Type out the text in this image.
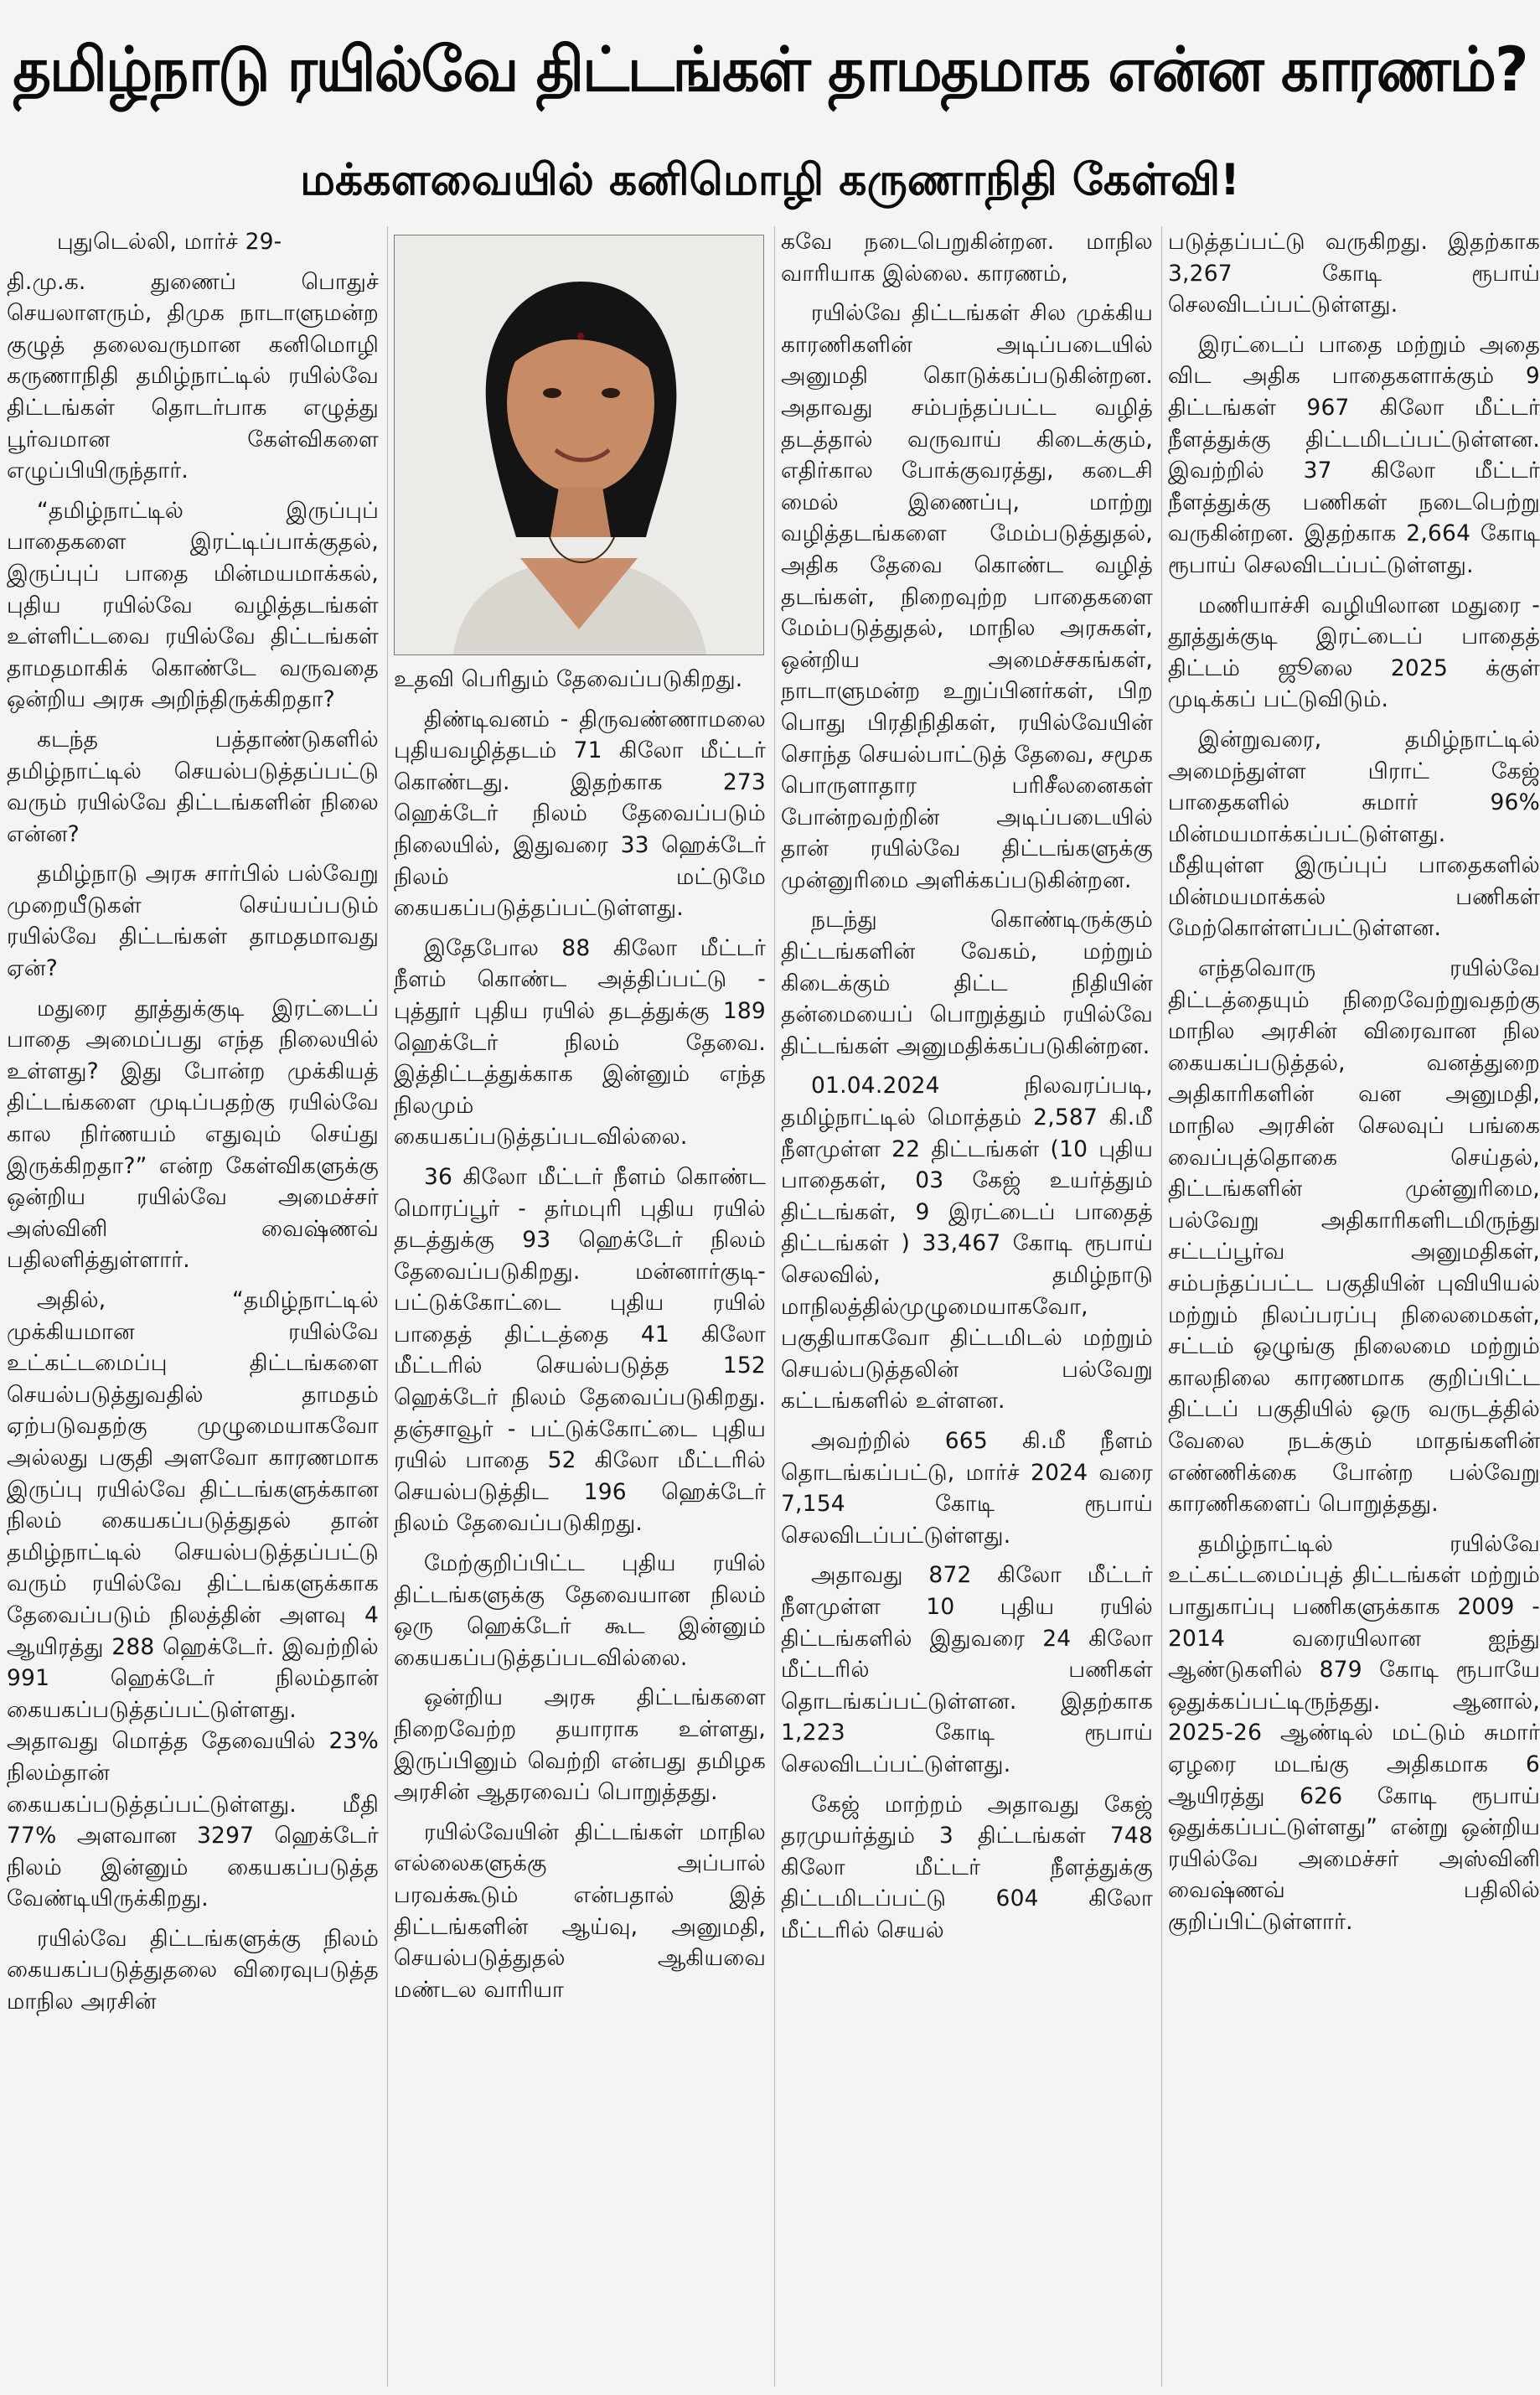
தமிழ்நாடு ரயில்வே திட்டங்கள் தாமதமாக என்ன காரணம்?
மக்களவையில் கனிமொழி கருணாநிதி கேள்வி!

புதுடெல்லி, மார்ச் 29-

தி.மு.க. துணைப் பொதுச் செயலாளரும், திமுக நாடாளுமன்ற குழுத் தலைவருமான கனிமொழி கருணாநிதி தமிழ்நாட்டில் ரயில்வே திட்டங்கள் தொடர்பாக எழுத்து பூர்வமான கேள்விகளை எழுப்பியிருந்தார்.

“தமிழ்நாட்டில் இருப்புப் பாதைகளை இரட்டிப்பாக்குதல், இருப்புப் பாதை மின்மயமாக்கல், புதிய ரயில்வே வழித்தடங்கள் உள்ளிட்டவை ரயில்வே திட்டங்கள் தாமதமாகிக் கொண்டே வருவதை ஒன்றிய அரசு அறிந்திருக்கிறதா?

கடந்த பத்தாண்டுகளில் தமிழ்நாட்டில் செயல்படுத்தப்பட்டு வரும் ரயில்வே திட்டங்களின் நிலை என்ன?

தமிழ்நாடு அரசு சார்பில் பல்வேறு முறையீடுகள் செய்யப்படும் ரயில்வே திட்டங்கள் தாமதமாவது ஏன்?

மதுரை தூத்துக்குடி இரட்டைப் பாதை அமைப்பது எந்த நிலையில் உள்ளது? இது போன்ற முக்கியத் திட்டங்களை முடிப்பதற்கு ரயில்வே கால நிர்ணயம் எதுவும் செய்து இருக்கிறதா?” என்ற கேள்விகளுக்கு ஒன்றிய ரயில்வே அமைச்சர் அஸ்வினி வைஷ்ணவ் பதிலளித்துள்ளார்.

அதில், “தமிழ்நாட்டில் முக்கியமான ரயில்வே உட்கட்டமைப்பு திட்டங்களை செயல்படுத்துவதில் தாமதம் ஏற்படுவதற்கு முழுமையாகவோ அல்லது பகுதி அளவோ காரணமாக இருப்பு ரயில்வே திட்டங்களுக்கான நிலம் கையகப்படுத்துதல் தான் தமிழ்நாட்டில் செயல்படுத்தப்பட்டு வரும் ரயில்வே திட்டங்களுக்காக தேவைப்படும் நிலத்தின் அளவு 4 ஆயிரத்து 288 ஹெக்டேர். இவற்றில் 991 ஹெக்டேர் நிலம்தான் கையகப்படுத்தப்பட்டுள்ளது. அதாவது மொத்த தேவையில் 23% நிலம்தான் கையகப்படுத்தப்பட்டுள்ளது. மீதி 77% அளவான 3297 ஹெக்டேர் நிலம் இன்னும் கையகப்படுத்த வேண்டியிருக்கிறது.

ரயில்வே திட்டங்களுக்கு நிலம் கையகப்படுத்துதலை விரைவுபடுத்த மாநில அரசின்

உதவி பெரிதும் தேவைப்படுகிறது.

திண்டிவனம் - திருவண்ணாமலை புதியவழித்தடம் 71 கிலோ மீட்டர் கொண்டது. இதற்காக 273 ஹெக்டேர் நிலம் தேவைப்படும் நிலையில், இதுவரை 33 ஹெக்டேர் நிலம் மட்டுமே கையகப்படுத்தப்பட்டுள்ளது.

இதேபோல 88 கிலோ மீட்டர் நீளம் கொண்ட அத்திப்பட்டு - புத்தூர் புதிய ரயில் தடத்துக்கு 189 ஹெக்டேர் நிலம் தேவை. இத்திட்டத்துக்காக இன்னும் எந்த நிலமும் கையகப்படுத்தப்படவில்லை.

36 கிலோ மீட்டர் நீளம் கொண்ட மொரப்பூர் - தர்மபுரி புதிய ரயில் தடத்துக்கு 93 ஹெக்டேர் நிலம் தேவைப்படுகிறது. மன்னார்குடி-பட்டுக்கோட்டை புதிய ரயில் பாதைத் திட்டத்தை 41 கிலோ மீட்டரில் செயல்படுத்த 152 ஹெக்டேர் நிலம் தேவைப்படுகிறது. தஞ்சாவூர் - பட்டுக்கோட்டை புதிய ரயில் பாதை 52 கிலோ மீட்டரில் செயல்படுத்திட 196 ஹெக்டேர் நிலம் தேவைப்படுகிறது.

மேற்குறிப்பிட்ட புதிய ரயில் திட்டங்களுக்கு தேவையான நிலம் ஒரு ஹெக்டேர் கூட இன்னும் கையகப்படுத்தப்படவில்லை.

ஒன்றிய அரசு திட்டங்களை நிறைவேற்ற தயாராக உள்ளது, இருப்பினும் வெற்றி என்பது தமிழக அரசின் ஆதரவைப் பொறுத்தது.

ரயில்வேயின் திட்டங்கள் மாநில எல்லைகளுக்கு அப்பால் பரவக்கூடும் என்பதால் இத் திட்டங்களின் ஆய்வு, அனுமதி, செயல்படுத்துதல் ஆகியவை மண்டல வாரியா

கவே நடைபெறுகின்றன. மாநில வாரியாக இல்லை. காரணம்,

ரயில்வே திட்டங்கள் சில முக்கிய காரணிகளின் அடிப்படையில் அனுமதி கொடுக்கப்படுகின்றன. அதாவது சம்பந்தப்பட்ட வழித் தடத்தால் வருவாய் கிடைக்கும், எதிர்கால போக்குவரத்து, கடைசி மைல் இணைப்பு, மாற்று வழித்தடங்களை மேம்படுத்துதல், அதிக தேவை கொண்ட வழித் தடங்கள், நிறைவுற்ற பாதைகளை மேம்படுத்துதல், மாநில அரசுகள், ஒன்றிய அமைச்சகங்கள், நாடாளுமன்ற உறுப்பினர்கள், பிற பொது பிரதிநிதிகள், ரயில்வேயின் சொந்த செயல்பாட்டுத் தேவை, சமூக பொருளாதார பரிசீலனைகள் போன்றவற்றின் அடிப்படையில் தான் ரயில்வே திட்டங்களுக்கு முன்னுரிமை அளிக்கப்படுகின்றன.

நடந்து கொண்டிருக்கும் திட்டங்களின் வேகம், மற்றும் கிடைக்கும் திட்ட நிதியின் தன்மையைப் பொறுத்தும் ரயில்வே திட்டங்கள் அனுமதிக்கப்படுகின்றன.

01.04.2024 நிலவரப்படி, தமிழ்நாட்டில் மொத்தம் 2,587 கி.மீ நீளமுள்ள 22 திட்டங்கள் (10 புதிய பாதைகள், 03 கேஜ் உயர்த்தும் திட்டங்கள், 9 இரட்டைப் பாதைத் திட்டங்கள் ) 33,467 கோடி ரூபாய் செலவில், தமிழ்நாடு மாநிலத்தில்முழுமையாகவோ, பகுதியாகவோ திட்டமிடல் மற்றும் செயல்படுத்தலின் பல்வேறு கட்டங்களில் உள்ளன.

அவற்றில் 665 கி.மீ நீளம் தொடங்கப்பட்டு, மார்ச் 2024 வரை 7,154 கோடி ரூபாய் செலவிடப்பட்டுள்ளது.

அதாவது 872 கிலோ மீட்டர் நீளமுள்ள 10 புதிய ரயில் திட்டங்களில் இதுவரை 24 கிலோ மீட்டரில் பணிகள் தொடங்கப்பட்டுள்ளன. இதற்காக 1,223 கோடி ரூபாய் செலவிடப்பட்டுள்ளது.

கேஜ் மாற்றம் அதாவது கேஜ் தரமுயர்த்தும் 3 திட்டங்கள் 748 கிலோ மீட்டர் நீளத்துக்கு திட்டமிடப்பட்டு 604 கிலோ மீட்டரில் செயல்

படுத்தப்பட்டு வருகிறது. இதற்காக 3,267 கோடி ரூபாய் செலவிடப்பட்டுள்ளது.

இரட்டைப் பாதை மற்றும் அதை விட அதிக பாதைகளாக்கும் 9 திட்டங்கள் 967 கிலோ மீட்டர் நீளத்துக்கு திட்டமிடப்பட்டுள்ளன. இவற்றில் 37 கிலோ மீட்டர் நீளத்துக்கு பணிகள் நடைபெற்று வருகின்றன. இதற்காக 2,664 கோடி ரூபாய் செலவிடப்பட்டுள்ளது.

மணியாச்சி வழியிலான மதுரை - தூத்துக்குடி இரட்டைப் பாதைத் திட்டம் ஜூலை 2025 க்குள் முடிக்கப் பட்டுவிடும்.

இன்றுவரை, தமிழ்நாட்டில் அமைந்துள்ள பிராட் கேஜ் பாதைகளில் சுமார் 96% மின்மயமாக்கப்பட்டுள்ளது. மீதியுள்ள இருப்புப் பாதைகளில் மின்மயமாக்கல் பணிகள் மேற்கொள்ளப்பட்டுள்ளன.

எந்தவொரு ரயில்வே திட்டத்தையும் நிறைவேற்றுவதற்கு மாநில அரசின் விரைவான நில கையகப்படுத்தல், வனத்துறை அதிகாரிகளின் வன அனுமதி, மாநில அரசின் செலவுப் பங்கை வைப்புத்தொகை செய்தல், திட்டங்களின் முன்னுரிமை, பல்வேறு அதிகாரிகளிடமிருந்து சட்டப்பூர்வ அனுமதிகள், சம்பந்தப்பட்ட பகுதியின் புவியியல் மற்றும் நிலப்பரப்பு நிலைமைகள், சட்டம் ஒழுங்கு நிலைமை மற்றும் காலநிலை காரணமாக குறிப்பிட்ட திட்டப் பகுதியில் ஒரு வருடத்தில் வேலை நடக்கும் மாதங்களின் எண்ணிக்கை போன்ற பல்வேறு காரணிகளைப் பொறுத்தது.

தமிழ்நாட்டில் ரயில்வே உட்கட்டமைப்புத் திட்டங்கள் மற்றும் பாதுகாப்பு பணிகளுக்காக 2009 - 2014 வரையிலான ஐந்து ஆண்டுகளில் 879 கோடி ரூபாயே ஒதுக்கப்பட்டிருந்தது. ஆனால், 2025-26 ஆண்டில் மட்டும் சுமார் ஏழரை மடங்கு அதிகமாக 6 ஆயிரத்து 626 கோடி ரூபாய் ஒதுக்கப்பட்டுள்ளது” என்று ஒன்றிய ரயில்வே அமைச்சர் அஸ்வினி வைஷ்ணவ் பதிலில் குறிப்பிட்டுள்ளார்.
